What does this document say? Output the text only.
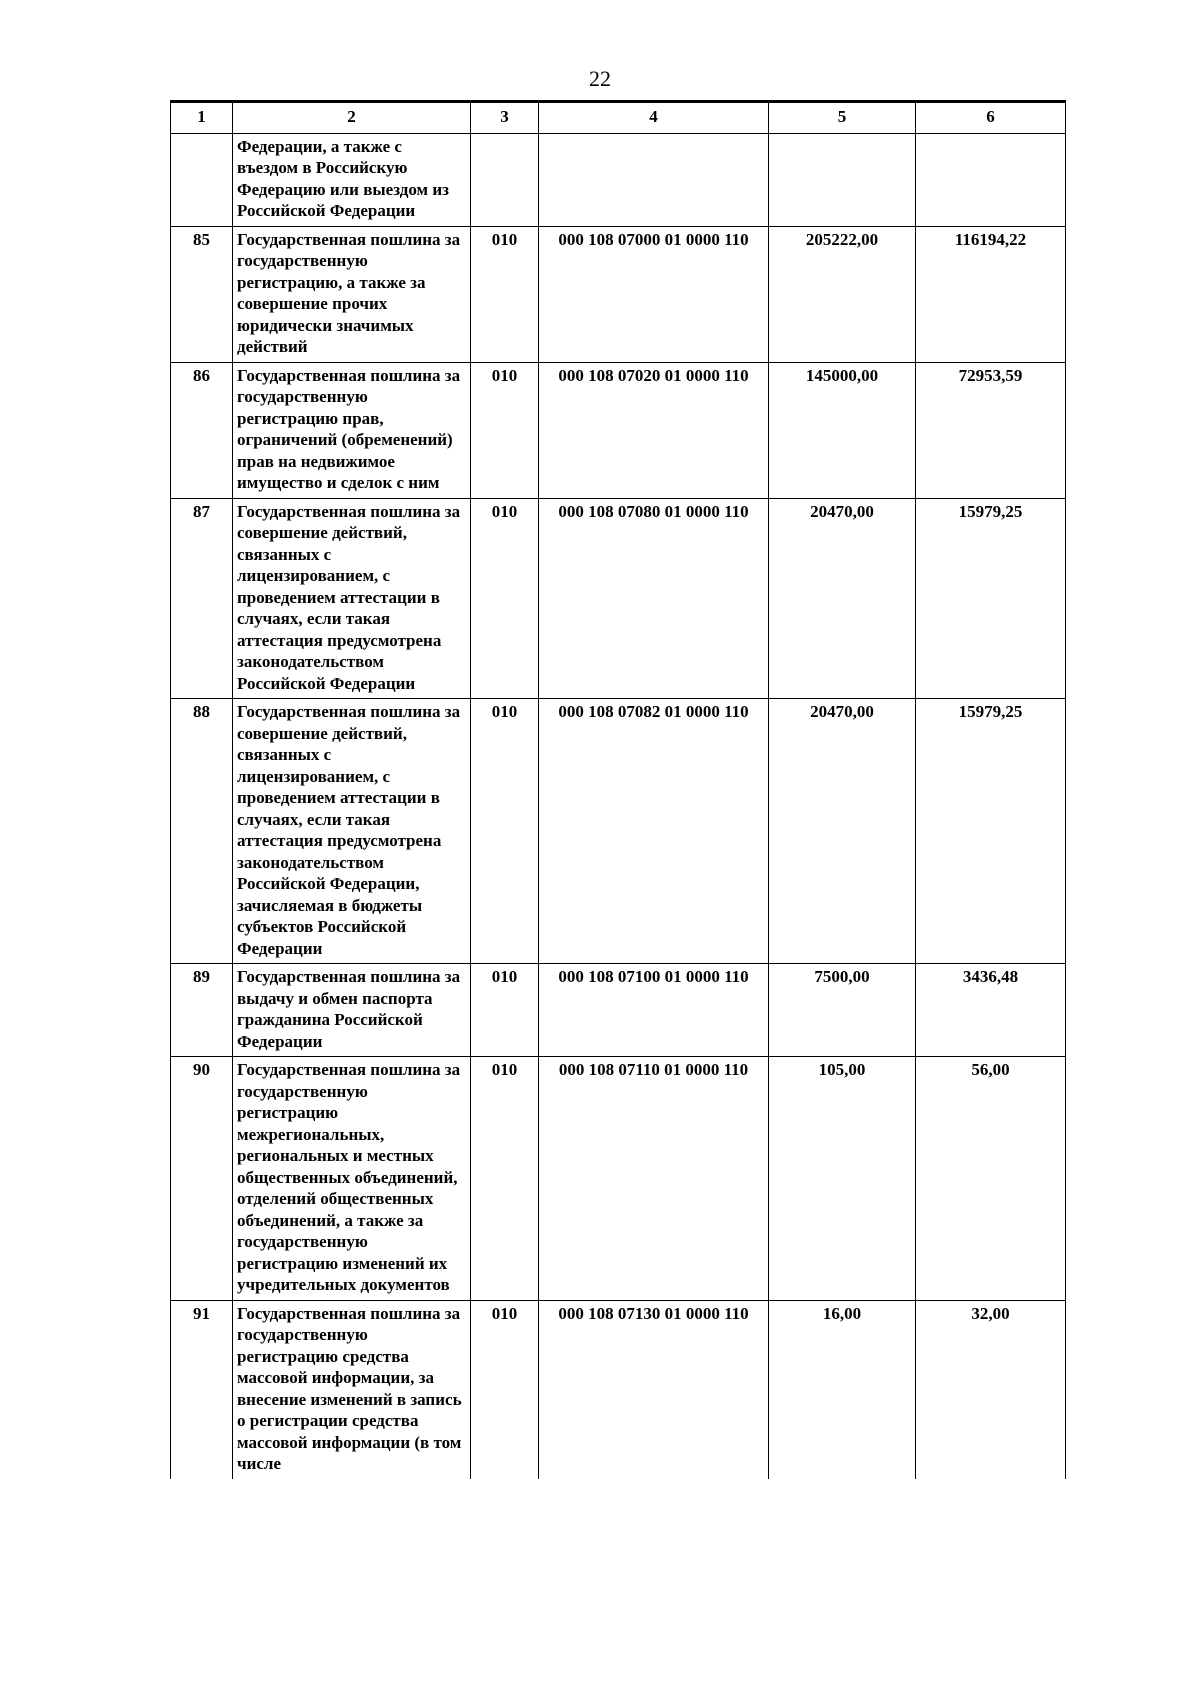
22
1	2	3	4	5	6
	Федерации, а также с въездом в Российскую Федерацию или выездом из Российской Федерации				
85	Государственная пошлина за государственную регистрацию, а также за совершение прочих юридически значимых действий	010	000 108 07000 01 0000 110	205222,00	116194,22
86	Государственная пошлина за государственную регистрацию прав, ограничений (обременений) прав на недвижимое имущество и сделок с ним	010	000 108 07020 01 0000 110	145000,00	72953,59
87	Государственная пошлина за совершение действий, связанных с лицензированием, с проведением аттестации в случаях, если такая аттестация предусмотрена законодательством Российской Федерации	010	000 108 07080 01 0000 110	20470,00	15979,25
88	Государственная пошлина за совершение действий, связанных с лицензированием, с проведением аттестации в случаях, если такая аттестация предусмотрена законодательством Российской Федерации, зачисляемая в бюджеты субъектов Российской Федерации	010	000 108 07082 01 0000 110	20470,00	15979,25
89	Государственная пошлина за выдачу и обмен паспорта гражданина Российской Федерации	010	000 108 07100 01 0000 110	7500,00	3436,48
90	Государственная пошлина за государственную регистрацию межрегиональных, региональных и местных общественных объединений, отделений общественных объединений, а также за государственную регистрацию изменений их учредительных документов	010	000 108 07110 01 0000 110	105,00	56,00
91	Государственная пошлина за государственную регистрацию средства массовой информации, за внесение изменений в запись о регистрации средства массовой информации (в том числе	010	000 108 07130 01 0000 110	16,00	32,00
